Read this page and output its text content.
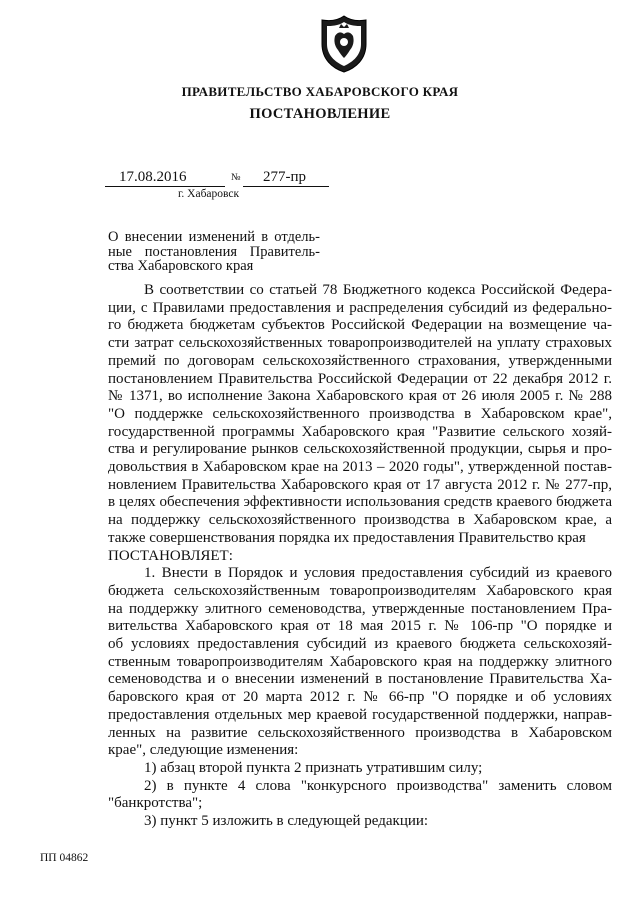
ПРАВИТЕЛЬСТВО ХАБАРОВСКОГО КРАЯ
ПОСТАНОВЛЕНИЕ
17.08.2016	№	277-пр
г. Хабаровск
О внесении изменений в отдель-
ные постановления Правитель-
ства Хабаровского края
В соответствии со статьей 78 Бюджетного кодекса Российской Федера-
ции, с Правилами предоставления и распределения субсидий из федерально-
го бюджета бюджетам субъектов Российской Федерации на возмещение ча-
сти затрат сельскохозяйственных товаропроизводителей на уплату страховых
премий по договорам сельскохозяйственного страхования, утвержденными
постановлением Правительства Российской Федерации от 22 декабря 2012 г.
№ 1371, во исполнение Закона Хабаровского края от 26 июля 2005 г. № 288
"О поддержке сельскохозяйственного производства в Хабаровском крае",
государственной программы Хабаровского края "Развитие сельского хозяй-
ства и регулирование рынков сельскохозяйственной продукции, сырья и про-
довольствия в Хабаровском крае на 2013 – 2020 годы", утвержденной постав-
новлением Правительства Хабаровского края от 17 августа 2012 г. № 277-пр,
в целях обеспечения эффективности использования средств краевого бюджета
на поддержку сельскохозяйственного производства в Хабаровском крае, а
также совершенствования порядка их предоставления Правительство края
ПОСТАНОВЛЯЕТ:
1. Внести в Порядок и условия предоставления субсидий из краевого
бюджета сельскохозяйственным товаропроизводителям Хабаровского края
на поддержку элитного семеноводства, утвержденные постановлением Пра-
вительства Хабаровского края от 18 мая 2015 г. № 106-пр "О порядке и
об условиях предоставления субсидий из краевого бюджета сельскохозяй-
ственным товаропроизводителям Хабаровского края на поддержку элитного
семеноводства и о внесении изменений в постановление Правительства Ха-
баровского края от 20 марта 2012 г. № 66-пр "О порядке и об условиях
предоставления отдельных мер краевой государственной поддержки, направ-
ленных на развитие сельскохозяйственного производства в Хабаровском
крае", следующие изменения:
1) абзац второй пункта 2 признать утратившим силу;
2) в пункте 4 слова "конкурсного производства" заменить словом
"банкротства";
3) пункт 5 изложить в следующей редакции:
ПП 04862
